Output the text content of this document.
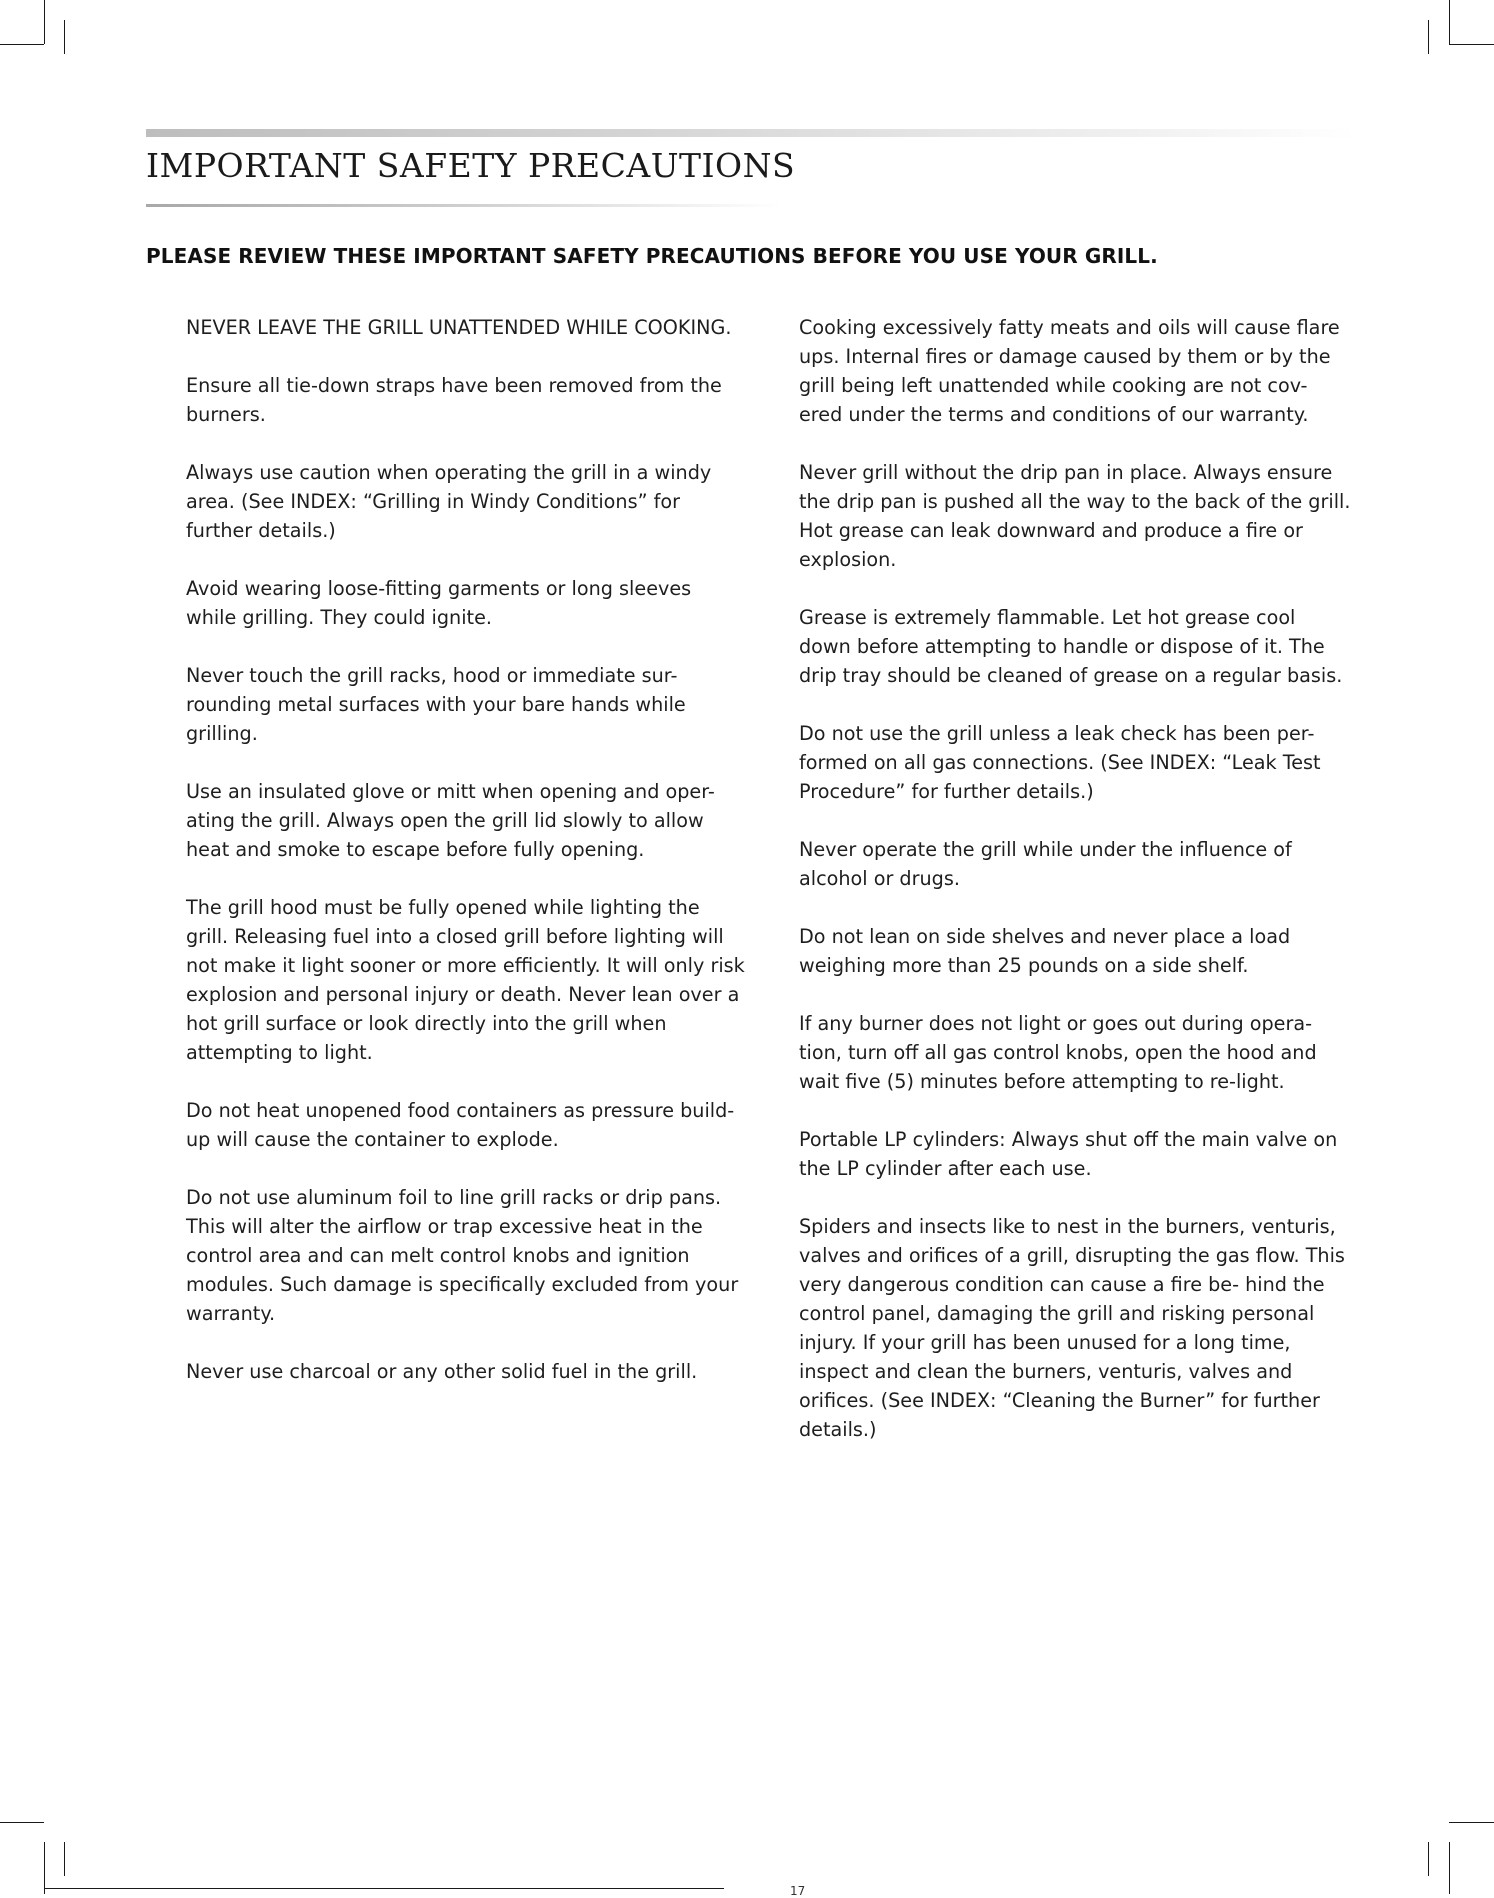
IMPORTANT SAFETY PRECAUTIONS
PLEASE REVIEW THESE IMPORTANT SAFETY PRECAUTIONS BEFORE YOU USE YOUR GRILL.

NEVER LEAVE THE GRILL UNATTENDED WHILE COOKING.

Ensure all tie-down straps have been removed from the burners.

Always use caution when operating the grill in a windy area. (See INDEX: “Grilling in Windy Conditions” for further details.)

Avoid wearing loose-fitting garments or long sleeves while grilling. They could ignite.

Never touch the grill racks, hood or immediate sur- rounding metal surfaces with your bare hands while grilling.

Use an insulated glove or mitt when opening and oper- ating the grill. Always open the grill lid slowly to allow heat and smoke to escape before fully opening.

The grill hood must be fully opened while lighting the grill. Releasing fuel into a closed grill before lighting will not make it light sooner or more efficiently. It will only risk explosion and personal injury or death. Never lean over a hot grill surface or look directly into the grill when attempting to light.

Do not heat unopened food containers as pressure build-up will cause the container to explode.

Do not use aluminum foil to line grill racks or drip pans. This will alter the airflow or trap excessive heat in the control area and can melt control knobs and ignition modules. Such damage is specifically excluded from your warranty.

Never use charcoal or any other solid fuel in the grill.

Cooking excessively fatty meats and oils will cause flare ups. Internal fires or damage caused by them or by the grill being left unattended while cooking are not cov- ered under the terms and conditions of our warranty.

Never grill without the drip pan in place. Always ensure the drip pan is pushed all the way to the back of the grill. Hot grease can leak downward and produce a fire or explosion.

Grease is extremely flammable. Let hot grease cool down before attempting to handle or dispose of it. The drip tray should be cleaned of grease on a regular basis.

Do not use the grill unless a leak check has been per- formed on all gas connections. (See INDEX: “Leak Test Procedure” for further details.)

Never operate the grill while under the influence of alcohol or drugs.

Do not lean on side shelves and never place a load weighing more than 25 pounds on a side shelf.

If any burner does not light or goes out during opera- tion, turn off all gas control knobs, open the hood and wait five (5) minutes before attempting to re-light.

Portable LP cylinders: Always shut off the main valve on the LP cylinder after each use.

Spiders and insects like to nest in the burners, venturis, valves and orifices of a grill, disrupting the gas flow. This very dangerous condition can cause a fire be- hind the control panel, damaging the grill and risking personal injury. If your grill has been unused for a long time, inspect and clean the burners, venturis, valves and orifices. (See INDEX: “Cleaning the Burner” for further details.)

17
